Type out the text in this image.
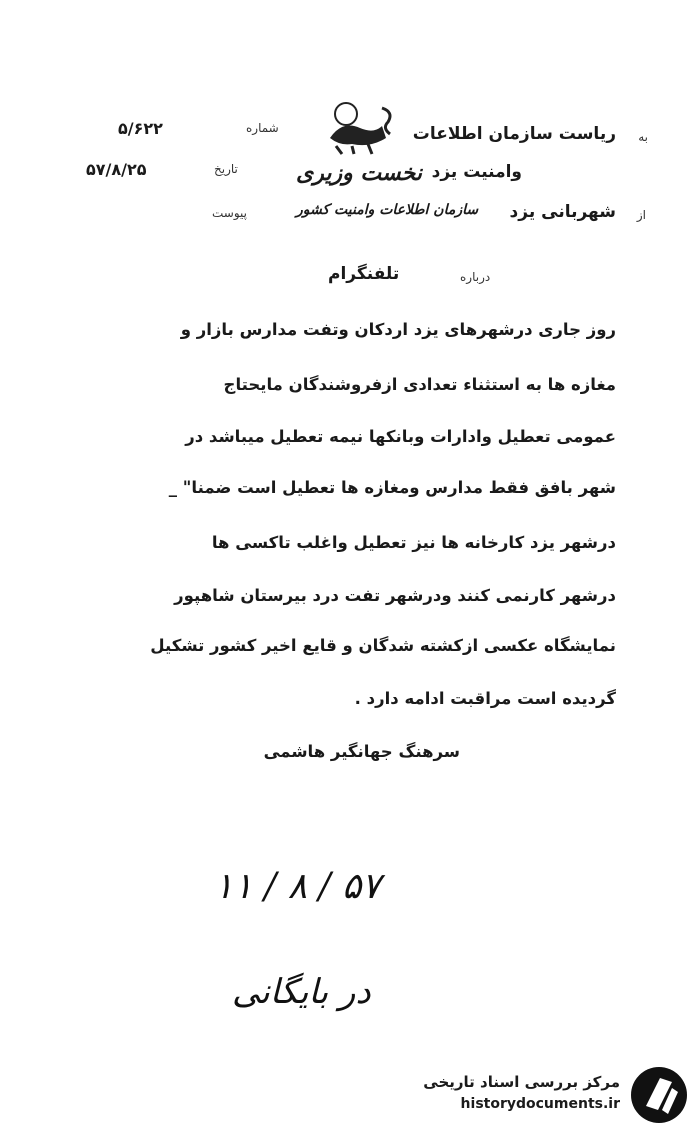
به
ریاست سازمان اطلاعات
شماره
۵/۶۲۲
وامنیت یزد
نخست وزیری
تاریخ
۵۷/۸/۲۵
از
شهربانی یزد
سازمان اطلاعات وامنیت کشور
پیوست
درباره
تلفنگرام
روز جاری درشهرهای یزد اردکان وتفت مدارس بازار و
مغازه ها به استثناء تعدادی ازفروشندگان مایحتاج
عمومی تعطیل وادارات وبانکها نیمه تعطیل میباشد در
شهر بافق فقط مدارس ومغازه ها تعطیل است ضمنا" _
درشهر یزد کارخانه ها نیز تعطیل واغلب تاکسی ها
درشهر کارنمی کنند ودرشهر تفت درد بیرستان شاهپور
نمایشگاه عکسی ازکشته شدگان و قایع اخیر کشور تشکیل
گردیده است مراقبت ادامه دارد .
سرهنگ جهانگیر هاشمی
۱۱ / ۸ / ۵۷
در بایگانی
مرکز بررسی اسناد تاریخی
historydocuments.ir
